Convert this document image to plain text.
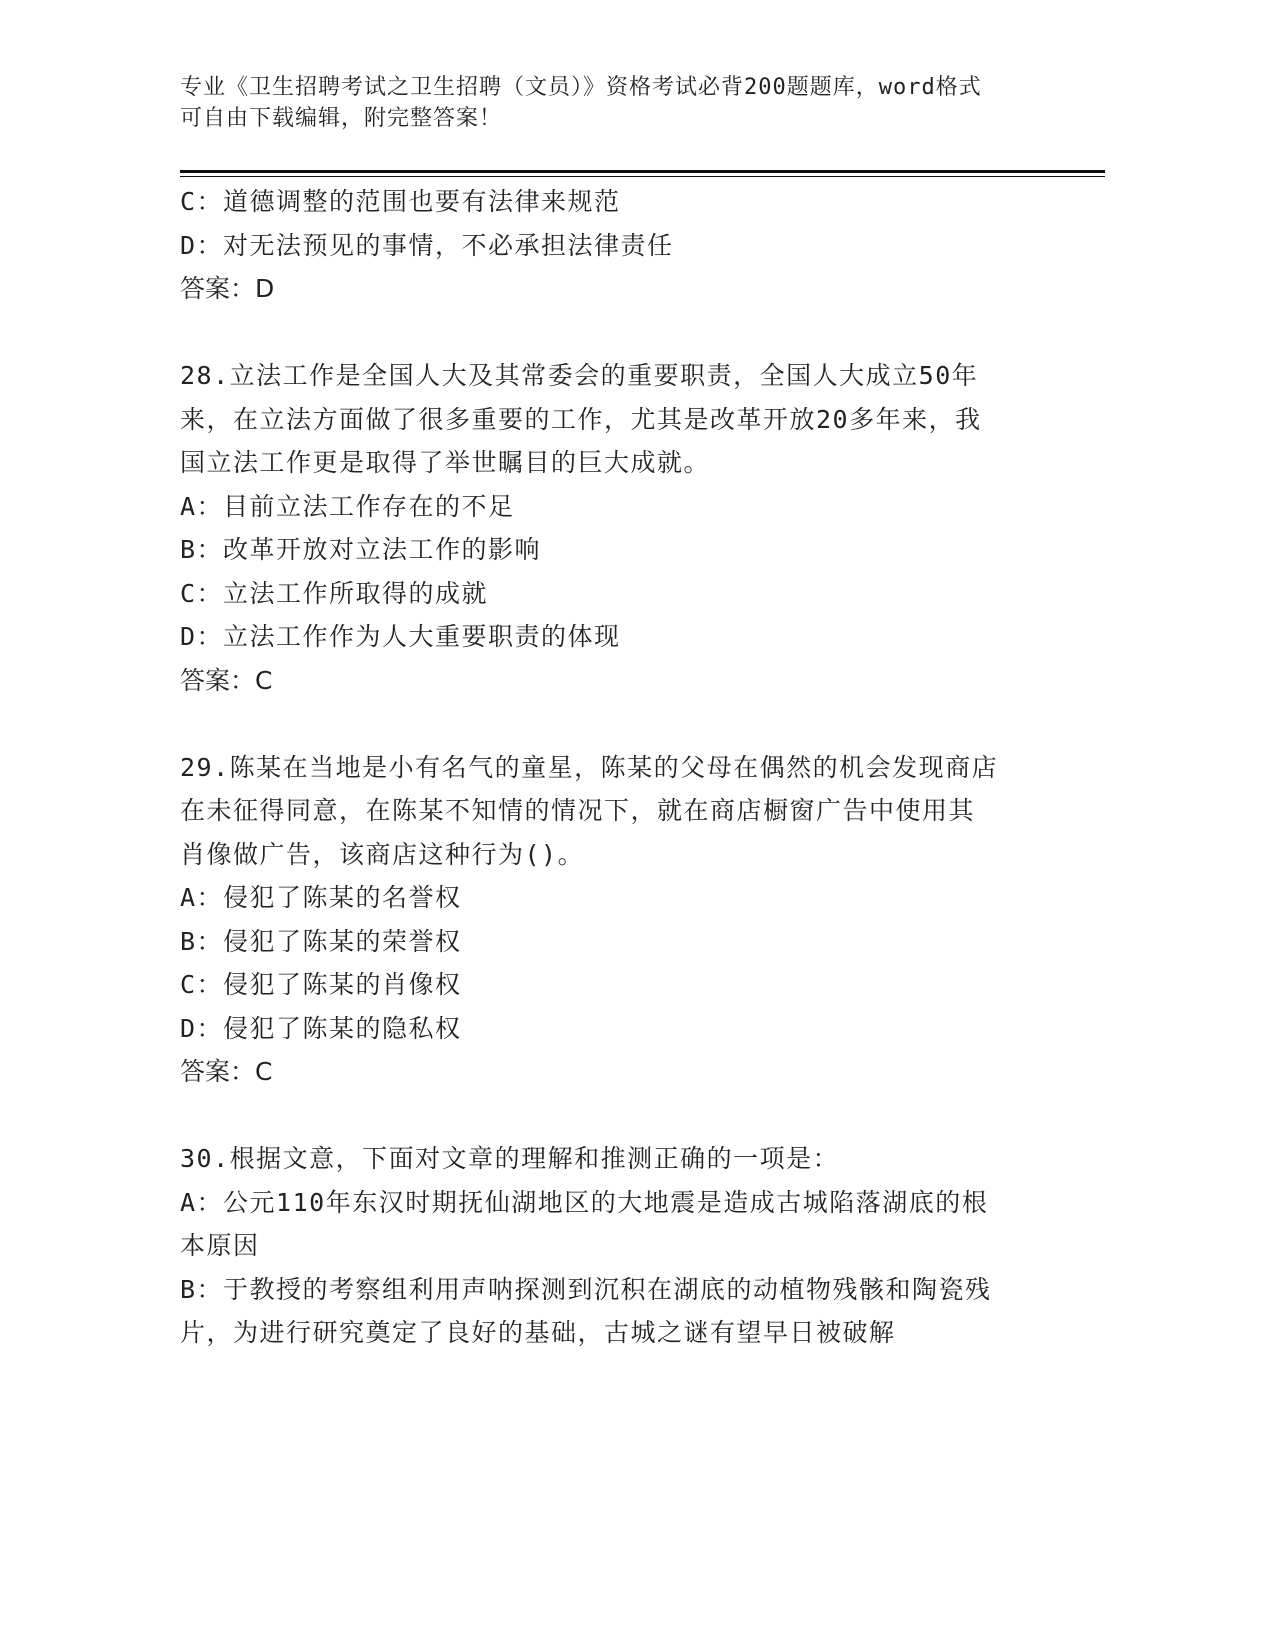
专业《卫生招聘考试之卫生招聘（文员）》资格考试必背200题题库，word格式
可自由下载编辑，附完整答案！
C：道德调整的范围也要有法律来规范
D：对无法预见的事情，不必承担法律责任
答案：D
28.立法工作是全国人大及其常委会的重要职责，全国人大成立50年
来，在立法方面做了很多重要的工作，尤其是改革开放20多年来，我
国立法工作更是取得了举世瞩目的巨大成就。
A：目前立法工作存在的不足
B：改革开放对立法工作的影响
C：立法工作所取得的成就
D：立法工作作为人大重要职责的体现
答案：C
29.陈某在当地是小有名气的童星，陈某的父母在偶然的机会发现商店
在未征得同意，在陈某不知情的情况下，就在商店橱窗广告中使用其
肖像做广告，该商店这种行为()。
A：侵犯了陈某的名誉权
B：侵犯了陈某的荣誉权
C：侵犯了陈某的肖像权
D：侵犯了陈某的隐私权
答案：C
30.根据文意，下面对文章的理解和推测正确的一项是：
A：公元110年东汉时期抚仙湖地区的大地震是造成古城陷落湖底的根
本原因
B：于教授的考察组利用声呐探测到沉积在湖底的动植物残骸和陶瓷残
片，为进行研究奠定了良好的基础，古城之谜有望早日被破解
